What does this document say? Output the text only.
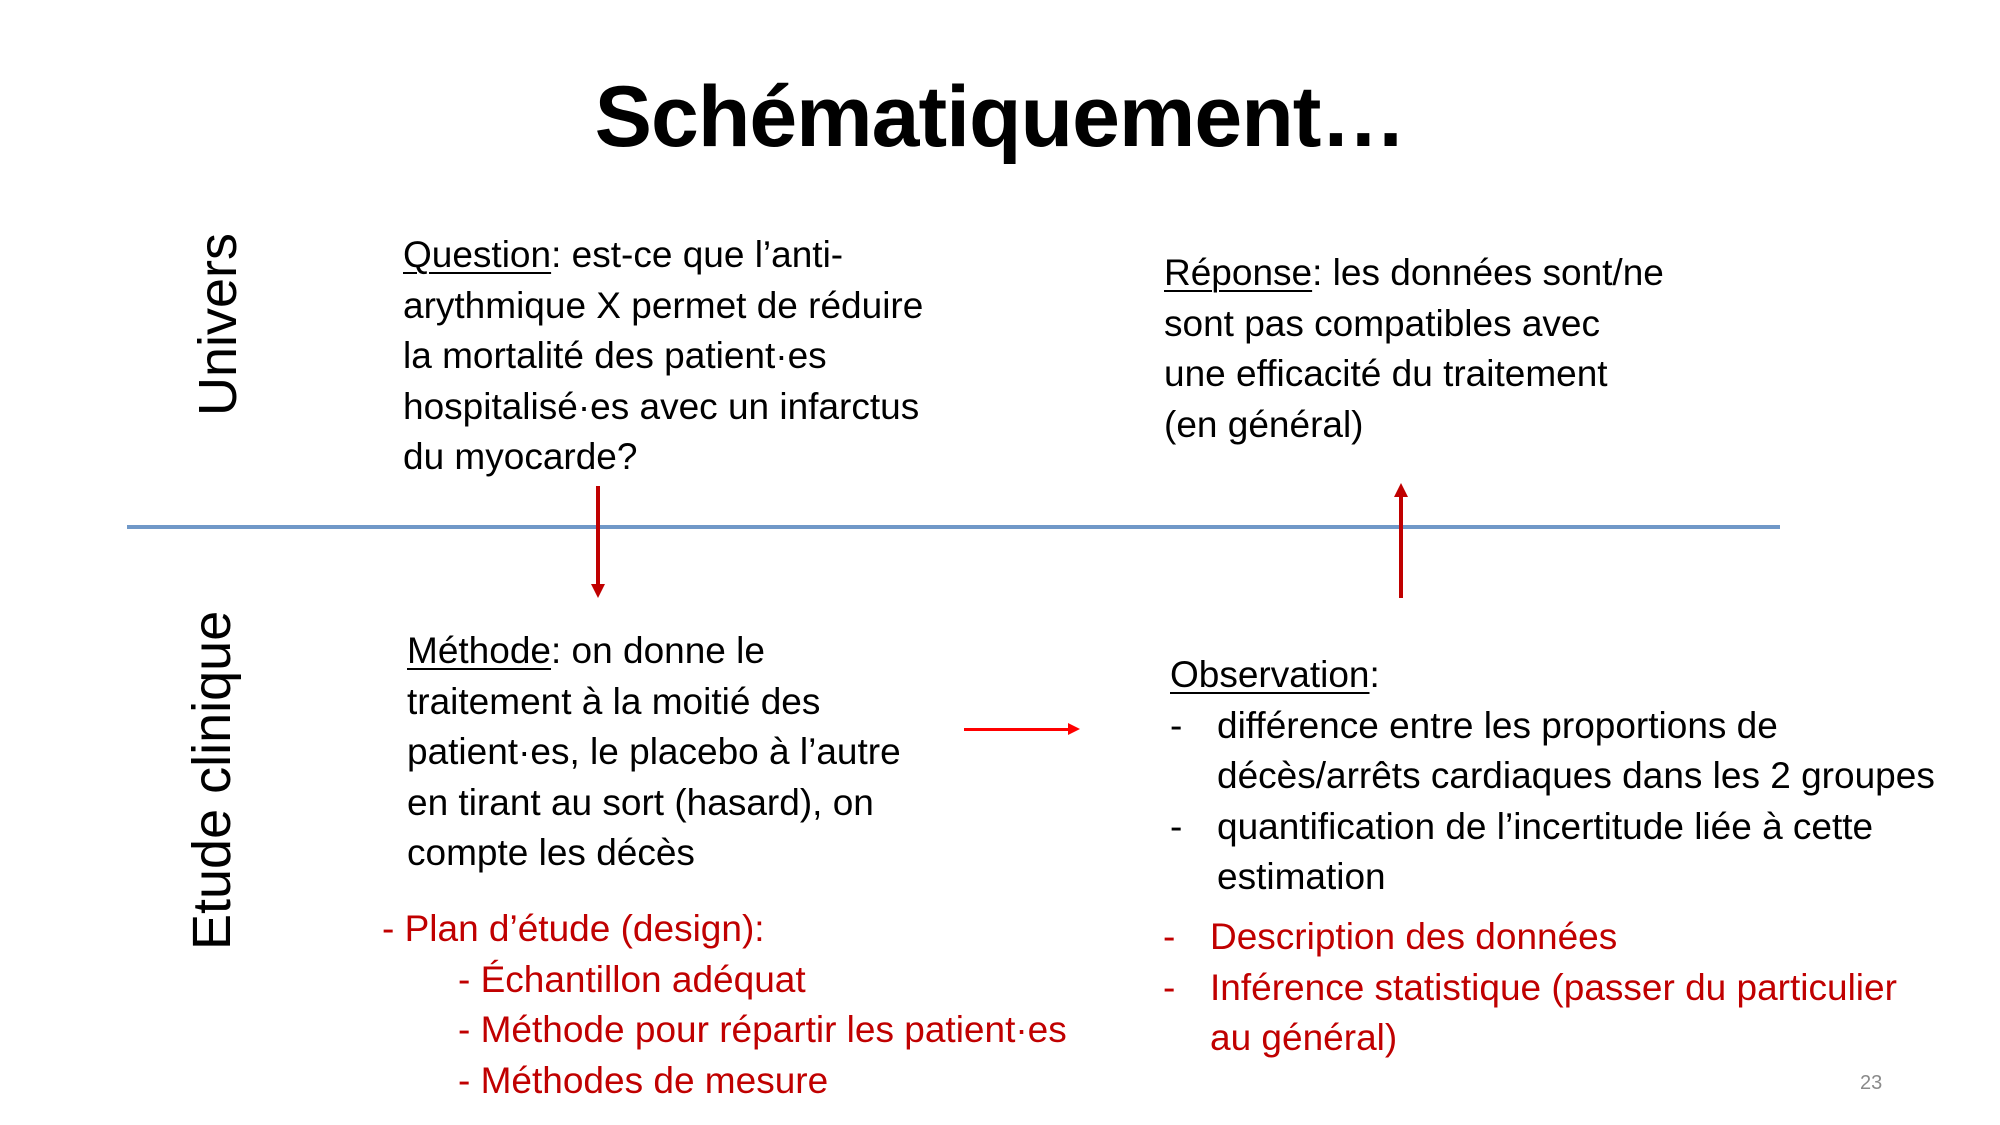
Schématiquement…
Univers
Etude clinique
Question: est-ce que l’anti-
arythmique X permet de réduire
la mortalité des patient·es
hospitalisé·es avec un infarctus
du myocarde?
Réponse: les données sont/ne
sont pas compatibles avec
une efficacité du traitement
(en général)
Méthode: on donne le
traitement à la moitié des
patient·es, le placebo à l’autre
en tirant au sort (hasard), on
compte les décès
Observation:
- différence entre les proportions de
décès/arrêts cardiaques dans les 2 groupes
- quantification de l’incertitude liée à cette
estimation
- Plan d’étude (design):
- Échantillon adéquat
- Méthode pour répartir les patient·es
- Méthodes de mesure
- Description des données
- Inférence statistique (passer du particulier
au général)
23
